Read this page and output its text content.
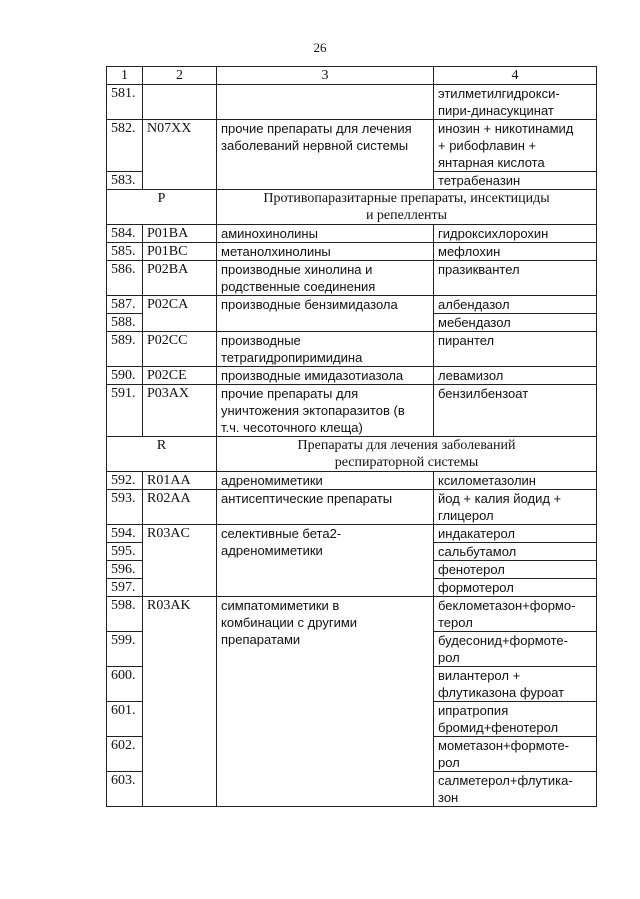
26
1	2	3	4

581.			этилметилгидрокси-
пири-динасукцинат

582.	N07XX	прочие препараты для лечения
заболеваний нервной системы	инозин + никотинамид
+ рибофлавин +
янтарная кислота

583.			тетрабеназин

P		Противопаразитарные препараты, инсектициды
и репелленты	

584.	P01BA	аминохинолины	гидроксихлорохин

585.	P01BC	метанолхинолины	мефлохин

586.	P02BA	производные хинолина и
родственные соединения	празиквантел

587.	P02CA	производные бензимидазола	албендазол

588.			мебендазол

589.	P02CC	производные
тетрагидропиримидина	пирантел

590.	P02CE	производные имидазотиазола	левамизол

591.	P03AX	прочие препараты для
уничтожения эктопаразитов (в
т.ч. чесоточного клеща)	бензилбензоат

R		Препараты для лечения заболеваний
респираторной системы	

592.	R01AA	адреномиметики	ксилометазолин

593.	R02AA	антисептические препараты	йод + калия йодид +
глицерол

594.	R03AC	селективные бета2-
адреномиметики	индакатерол

595.			сальбутамол

596.			фенотерол

597.			формотерол

598.	R03AK	симпатомиметики в
комбинации с другими
препаратами	беклометазон+формо-
терол

599.			будесонид+формоте-
рол

600.			вилантерол +
флутиказона фуроат

601.			ипратропия
бромид+фенотерол

602.			мометазон+формоте-
рол

603.			салметерол+флутика-
зон
